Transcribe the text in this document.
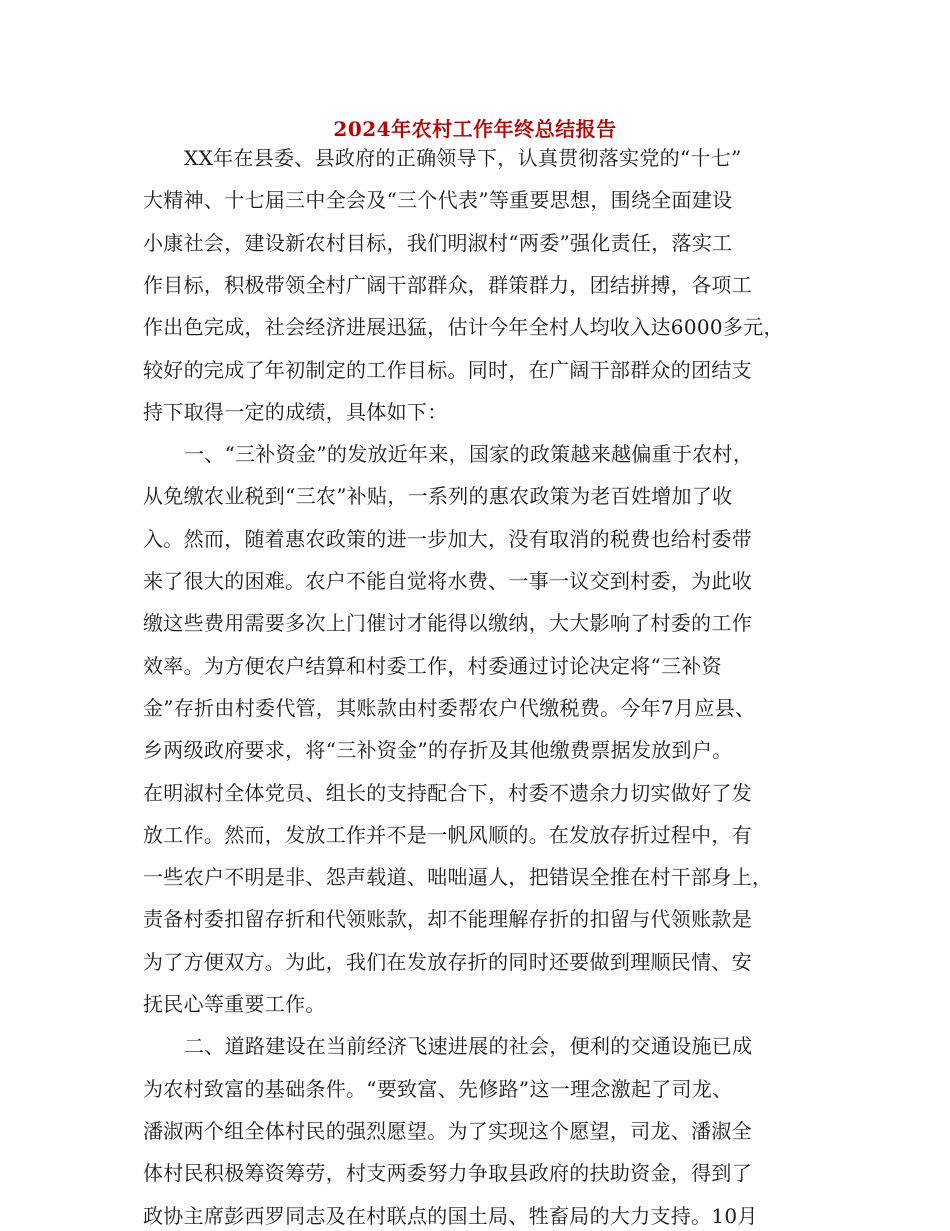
2024年农村工作年终总结报告
XX年在县委、县政府的正确领导下，认真贯彻落实党的“十七”
大精神、十七届三中全会及“三个代表”等重要思想，围绕全面建设
小康社会，建设新农村目标，我们明淑村“两委”强化责任，落实工
作目标，积极带领全村广阔干部群众，群策群力，团结拼搏，各项工
作出色完成，社会经济进展迅猛，估计今年全村人均收入达6000多元，
较好的完成了年初制定的工作目标。同时，在广阔干部群众的团结支
持下取得一定的成绩，具体如下：
一、“三补资金”的发放近年来，国家的政策越来越偏重于农村，
从免缴农业税到“三农”补贴，一系列的惠农政策为老百姓增加了收
入。然而，随着惠农政策的进一步加大，没有取消的税费也给村委带
来了很大的困难。农户不能自觉将水费、一事一议交到村委，为此收
缴这些费用需要多次上门催讨才能得以缴纳，大大影响了村委的工作
效率。为方便农户结算和村委工作，村委通过讨论决定将“三补资
金”存折由村委代管，其账款由村委帮农户代缴税费。今年7月应县、
乡两级政府要求，将“三补资金”的存折及其他缴费票据发放到户。
在明淑村全体党员、组长的支持配合下，村委不遗余力切实做好了发
放工作。然而，发放工作并不是一帆风顺的。在发放存折过程中，有
一些农户不明是非、怨声载道、咄咄逼人，把错误全推在村干部身上，
责备村委扣留存折和代领账款，却不能理解存折的扣留与代领账款是
为了方便双方。为此，我们在发放存折的同时还要做到理顺民情、安
抚民心等重要工作。
二、道路建设在当前经济飞速进展的社会，便利的交通设施已成
为农村致富的基础条件。“要致富、先修路”这一理念激起了司龙、
潘淑两个组全体村民的强烈愿望。为了实现这个愿望，司龙、潘淑全
体村民积极筹资筹劳，村支两委努力争取县政府的扶助资金，得到了
政协主席彭西罗同志及在村联点的国土局、牲畜局的大力支持。10月
